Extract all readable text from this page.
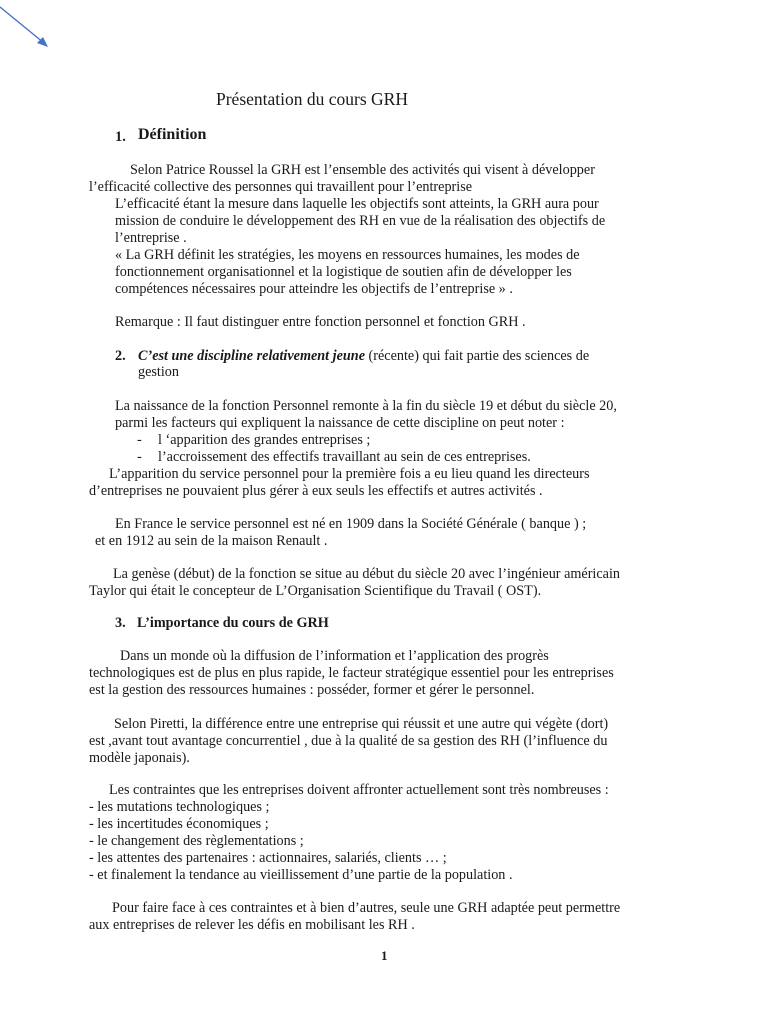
Présentation du cours GRH
1. Définition
Selon Patrice Roussel la GRH est l’ensemble des activités qui visent à développer
l’efficacité collective des personnes qui travaillent pour l’entreprise
L’efficacité étant la mesure dans laquelle les objectifs sont atteints, la GRH aura pour
mission de conduire le développement des RH en vue de la réalisation des objectifs de
l’entreprise .
« La GRH définit les stratégies, les moyens en ressources humaines, les modes de
fonctionnement organisationnel et la logistique de soutien afin de développer les
compétences nécessaires pour atteindre les objectifs de l’entreprise » .
Remarque : Il faut distinguer entre fonction personnel et fonction GRH .
2. C’est une discipline relativement jeune (récente) qui fait partie des sciences de
gestion
La naissance de la fonction Personnel remonte à la fin du siècle 19 et début du siècle 20,
parmi les facteurs qui expliquent la naissance de cette discipline on peut noter :
- l ‘apparition des grandes entreprises ;
- l’accroissement des effectifs travaillant au sein de ces entreprises.
L’apparition du service personnel pour la première fois a eu lieu quand les directeurs
d’entreprises ne pouvaient plus gérer à eux seuls les effectifs et autres activités .
En France le service personnel est né en 1909 dans la Société Générale ( banque ) ;
et en 1912 au sein de la maison Renault .
La genèse (début) de la fonction se situe au début du siècle 20 avec l’ingénieur américain
Taylor qui était le concepteur de L’Organisation Scientifique du Travail ( OST).
3. L’importance du cours de GRH
Dans un monde où la diffusion de l’information et l’application des progrès
technologiques est de plus en plus rapide, le facteur stratégique essentiel pour les entreprises
est la gestion des ressources humaines : posséder, former et gérer le personnel.
Selon Piretti, la différence entre une entreprise qui réussit et une autre qui végète (dort)
est ,avant tout avantage concurrentiel , due à la qualité de sa gestion des RH (l’influence du
modèle japonais).
Les contraintes que les entreprises doivent affronter actuellement sont très nombreuses :
- les mutations technologiques ;
- les incertitudes économiques ;
- le changement des règlementations ;
- les attentes des partenaires : actionnaires, salariés, clients … ;
- et finalement la tendance au vieillissement d’une partie de la population .
Pour faire face à ces contraintes et à bien d’autres, seule une GRH adaptée peut permettre
aux entreprises de relever les défis en mobilisant les RH .
1
